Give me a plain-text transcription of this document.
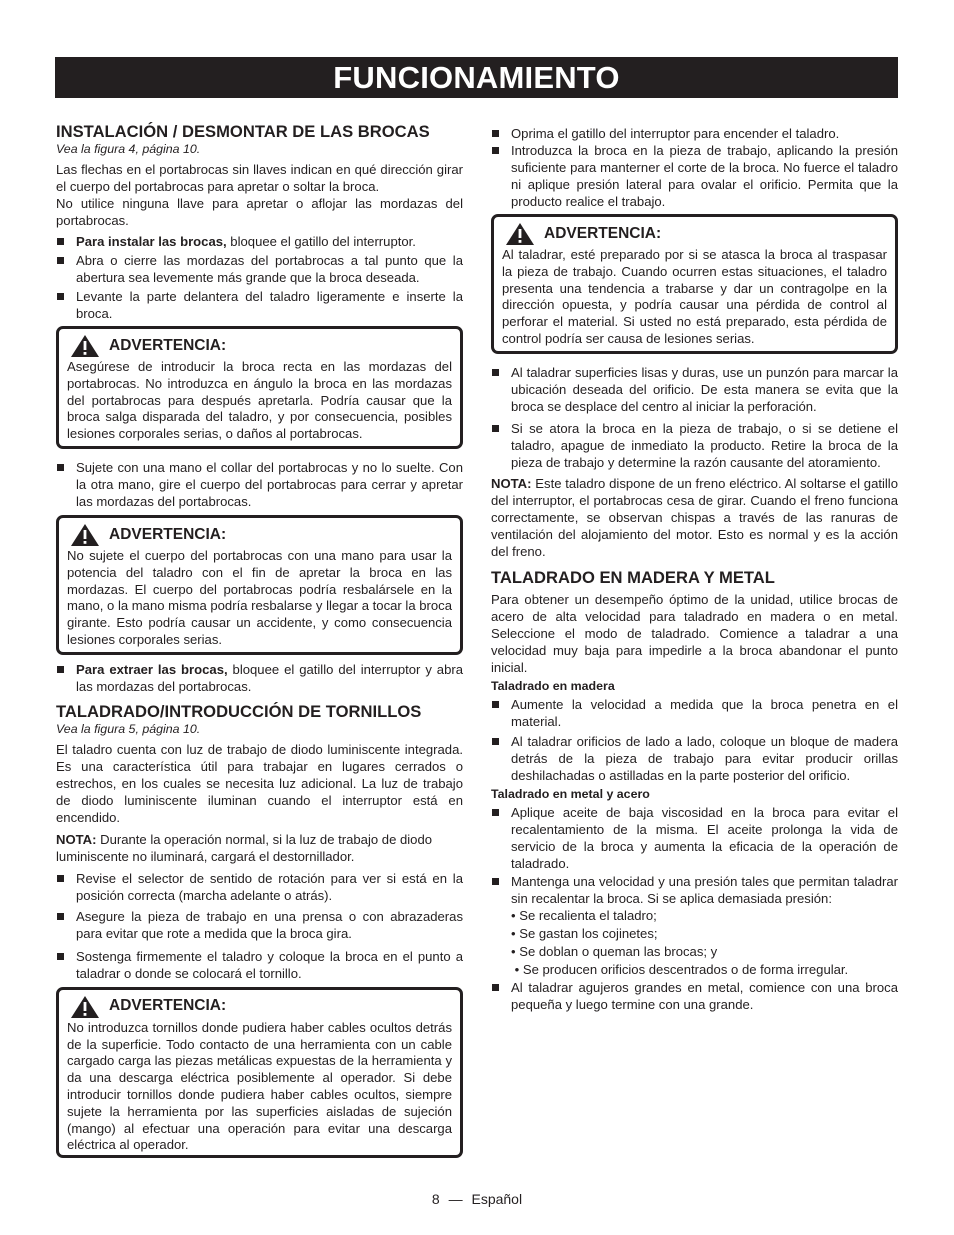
FUNCIONAMIENTO
INSTALACIÓN / DESMONTAR DE LAS BROCAS
Vea la figura 4, página 10.

Las flechas en el portabrocas sin llaves indican en qué dirección girar el cuerpo del portabrocas para apretar o soltar la broca.

No utilice ninguna llave para apretar o aflojar las mordazas del portabrocas.

Para instalar las brocas, bloquee el gatillo del interruptor.
Abra o cierre las mordazas del portabrocas a tal punto que la abertura sea levemente más grande que la broca deseada.
Levante la parte delantera del taladro ligeramente e inserte la broca.
ADVERTENCIA:

Asegúrese de introducir la broca recta en las mordazas del portabrocas. No introduzca en ángulo la broca en las mordazas del portabrocas para después apretarla. Podría causar que la broca salga disparada del taladro, y por consecuencia, posibles lesiones corporales serias, o daños al portabrocas.

Sujete con una mano el collar del portabrocas y no lo suelte. Con la otra mano, gire el cuerpo del portabrocas para cerrar y apretar las mordazas del portabrocas.
ADVERTENCIA:

No sujete el cuerpo del portabrocas con una mano para usar la potencia del taladro con el fin de apretar la broca en las mordazas. El cuerpo del portabrocas podría resbalársele en la mano, o la mano misma podría resbalarse y llegar a tocar la broca girante. Esto podría causar un accidente, y como consecuencia lesiones corporales serias.

Para extraer las brocas, bloquee el gatillo del interruptor y abra las mordazas del portabrocas.
TALADRADO/INTRODUCCIÓN DE TORNILLOS
Vea la figura 5, página 10.

El taladro cuenta con luz de trabajo de diodo luminiscente integrada. Es una característica útil para trabajar en lugares cerrados o estrechos, en los cuales se necesita luz adicional. La luz de trabajo de diodo luminiscente iluminan cuando el interruptor está en encendido.

NOTA: Durante la operación normal, si la luz de trabajo de diodo luminiscente no iluminará, cargará el destornillador.

Revise el selector de sentido de rotación para ver si está en la posición correcta (marcha adelante o atrás).
Asegure la pieza de trabajo en una prensa o con abrazaderas para evitar que rote a medida que la broca gira.
Sostenga firmemente el taladro y coloque la broca en el punto a taladrar o donde se colocará el tornillo.
ADVERTENCIA:

No introduzca tornillos donde pudiera haber cables ocultos detrás de la superficie. Todo contacto de una herramienta con un cable cargado carga las piezas metálicas expuestas de la herramienta y da una descarga eléctrica posiblemente al operador. Si debe introducir tornillos donde pudiera haber cables ocultos, siempre sujete la herramienta por las superficies aisladas de sujeción (mango) al efectuar una operación para evitar una descarga eléctrica al operador.

Oprima el gatillo del interruptor para encender el taladro.
Introduzca la broca en la pieza de trabajo, aplicando la presión suficiente para manterner el corte de la broca. No fuerce el taladro ni aplique presión lateral para ovalar el orificio. Permita que la producto realice el trabajo.
ADVERTENCIA:

Al taladrar, esté preparado por si se atasca la broca al traspasar la pieza de trabajo. Cuando ocurren estas situaciones, el taladro presenta una tendencia a trabarse y dar un contragolpe en la dirección opuesta, y podría causar una pérdida de control al perforar el material. Si usted no está preparado, esta pérdida de control podría ser causa de lesiones serias.

Al taladrar superficies lisas y duras, use un punzón para marcar la ubicación deseada del orificio. De esta manera se evita que la broca se desplace del centro al iniciar la perforación.
Si se atora la broca en la pieza de trabajo, o si se detiene el taladro, apague de inmediato la producto. Retire la broca de la pieza de trabajo y determine la razón causante del atoramiento.

NOTA: Este taladro dispone de un freno eléctrico. Al soltarse el gatillo del interruptor, el portabrocas cesa de girar. Cuando el freno funciona correctamente, se observan chispas a través de las ranuras de ventilación del alojamiento del motor. Esto es normal y es la acción del freno.

TALADRADO EN MADERA Y METAL

Para obtener un desempeño óptimo de la unidad, utilice brocas de acero de alta velocidad para taladrado en madera o en metal. Seleccione el modo de taladrado. Comience a taladrar a una velocidad muy baja para impedirle a la broca abandonar el punto inicial.

Taladrado en madera
Aumente la velocidad a medida que la broca penetra en el material.
Al taladrar orificios de lado a lado, coloque un bloque de madera detrás de la pieza de trabajo para evitar producir orillas deshilachadas o astilladas en la parte posterior del orificio.
Taladrado en metal y acero
Aplique aceite de baja viscosidad en la broca para evitar el recalentamiento de la misma. El aceite prolonga la vida de servicio de la broca y aumenta la eficacia de la operación de taladrado.
Mantenga una velocidad y una presión tales que permitan taladrar sin recalentar la broca. Si se aplica demasiada presión:
• Se recalienta el taladro;
• Se gastan los cojinetes;
• Se doblan o queman las brocas; y
• Se producen orificios descentrados o de forma irregular.
Al taladrar agujeros grandes en metal, comience con una broca pequeña y luego termine con una grande.
8 — Español
